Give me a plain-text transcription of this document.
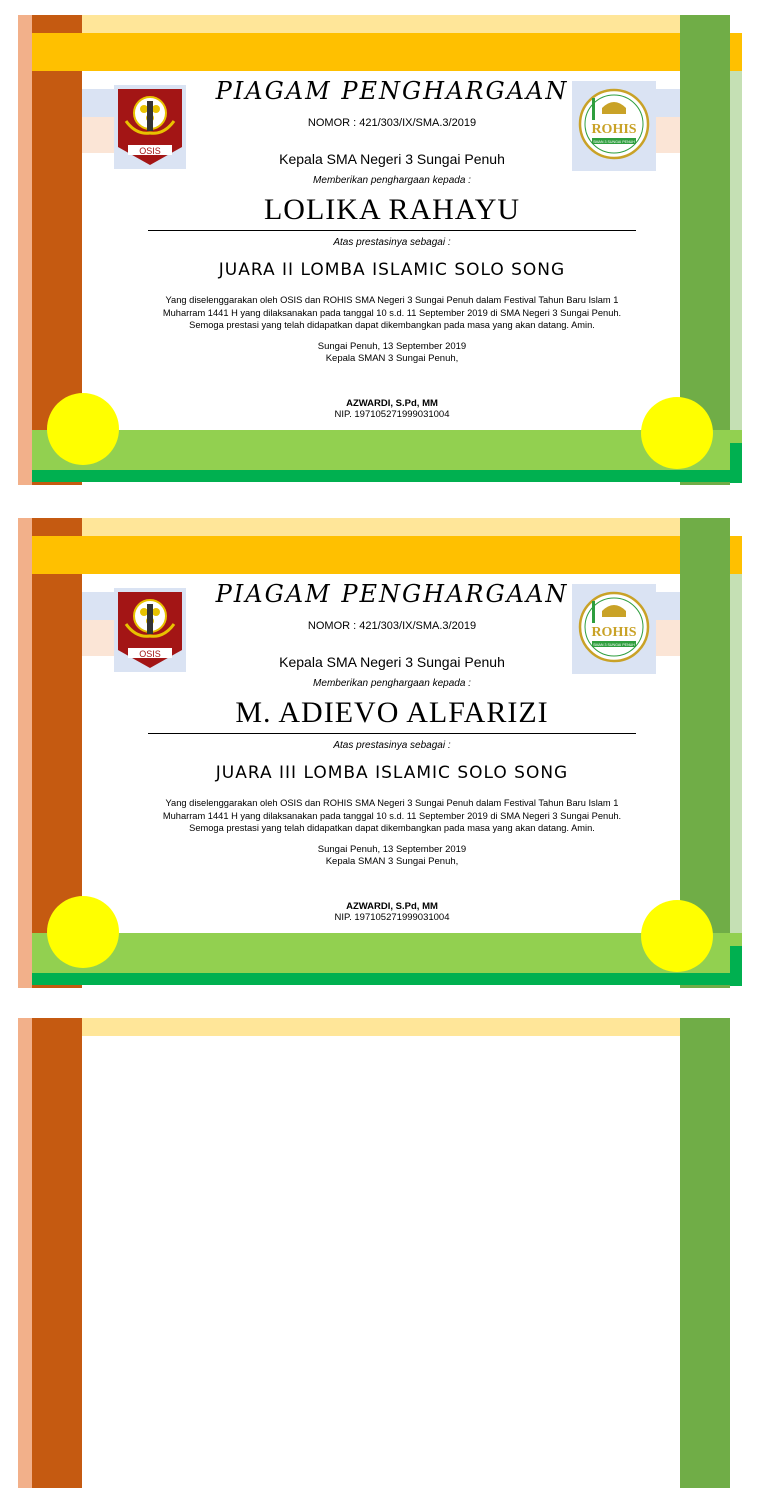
OSIS
ROHIS
SMAN 3 SUNGAI PENUH
PIAGAM PENGHARGAAN
NOMOR : 421/303/IX/SMA.3/2019
Kepala SMA Negeri 3 Sungai Penuh
Memberikan penghargaan kepada :
LOLIKA RAHAYU
Atas prestasinya sebagai :
JUARA II LOMBA ISLAMIC SOLO SONG
Yang diselenggarakan oleh OSIS dan ROHIS SMA Negeri 3 Sungai Penuh dalam Festival Tahun Baru Islam 1 Muharram 1441 H yang dilaksanakan pada tanggal 10 s.d. 11 September 2019 di SMA Negeri 3 Sungai Penuh. Semoga prestasi yang telah didapatkan dapat dikembangkan pada masa yang akan datang. Amin.
Sungai Penuh, 13 September 2019
Kepala SMAN 3 Sungai Penuh,
AZWARDI, S.Pd, MM
NIP. 197105271999031004
OSIS
ROHIS
SMAN 3 SUNGAI PENUH
PIAGAM PENGHARGAAN
NOMOR : 421/303/IX/SMA.3/2019
Kepala SMA Negeri 3 Sungai Penuh
Memberikan penghargaan kepada :
M. ADIEVO ALFARIZI
Atas prestasinya sebagai :
JUARA III LOMBA ISLAMIC SOLO SONG
Yang diselenggarakan oleh OSIS dan ROHIS SMA Negeri 3 Sungai Penuh dalam Festival Tahun Baru Islam 1 Muharram 1441 H yang dilaksanakan pada tanggal 10 s.d. 11 September 2019 di SMA Negeri 3 Sungai Penuh. Semoga prestasi yang telah didapatkan dapat dikembangkan pada masa yang akan datang. Amin.
Sungai Penuh, 13 September 2019
Kepala SMAN 3 Sungai Penuh,
AZWARDI, S.Pd, MM
NIP. 197105271999031004
